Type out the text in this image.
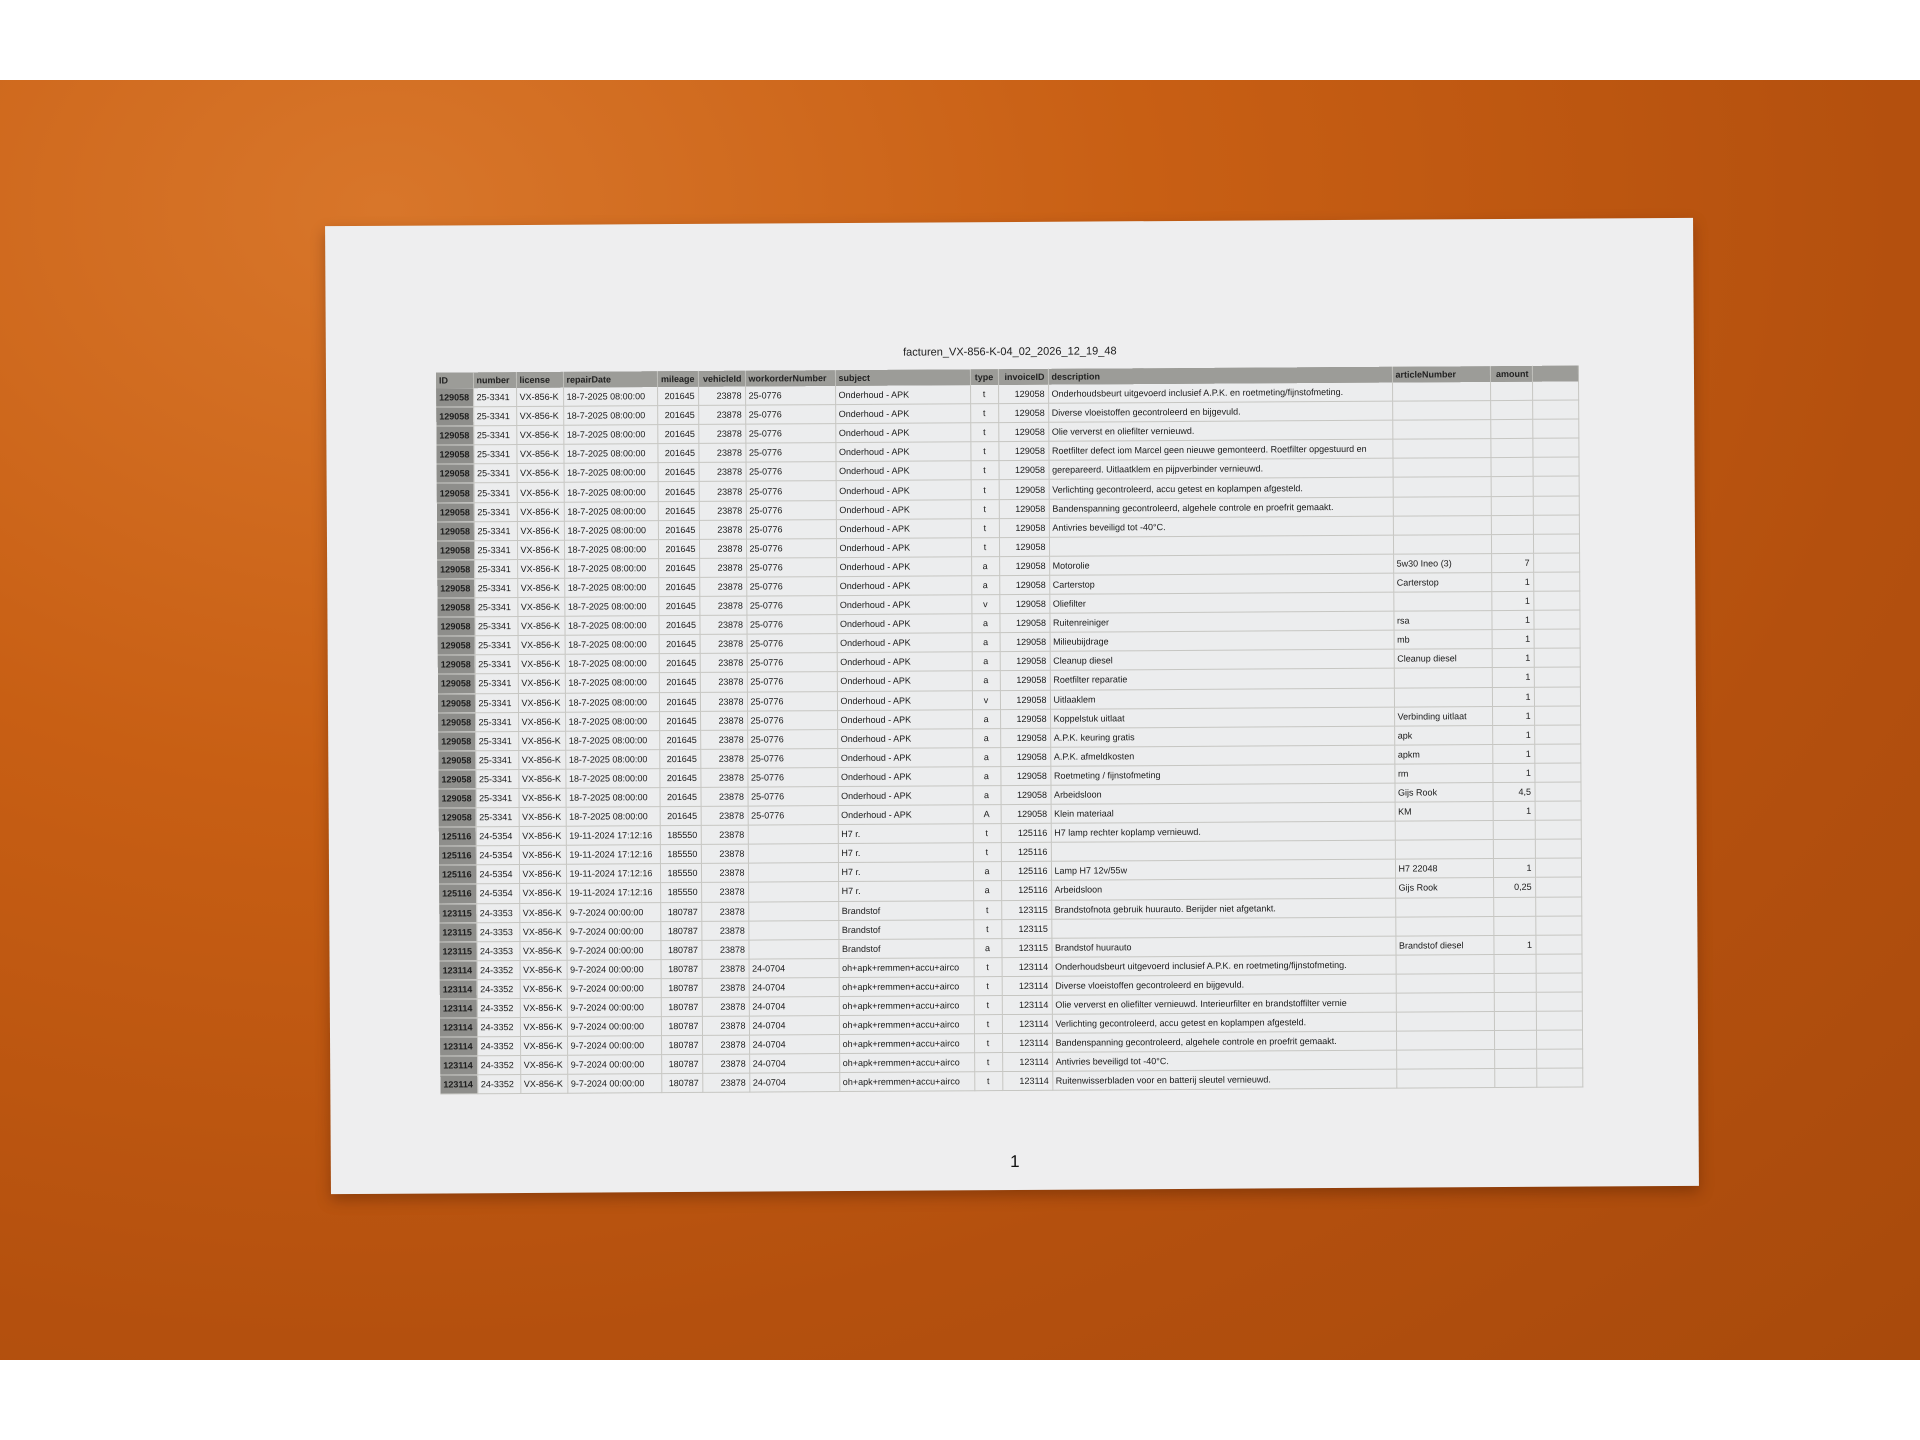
facturen_VX-856-K-04_02_2026_12_19_48
ID	number	license	repairDate	mileage	vehicleId	workorderNumber	subject	type	invoiceID	description	articleNumber	amount	
129058	25-3341	VX-856-K	18-7-2025 08:00:00	201645	23878	25-0776	Onderhoud - APK	t	129058	Onderhoudsbeurt uitgevoerd inclusief A.P.K. en roetmeting/fijnstofmeting.			
129058	25-3341	VX-856-K	18-7-2025 08:00:00	201645	23878	25-0776	Onderhoud - APK	t	129058	Diverse vloeistoffen gecontroleerd en bijgevuld.			
129058	25-3341	VX-856-K	18-7-2025 08:00:00	201645	23878	25-0776	Onderhoud - APK	t	129058	Olie ververst en oliefilter vernieuwd.			
129058	25-3341	VX-856-K	18-7-2025 08:00:00	201645	23878	25-0776	Onderhoud - APK	t	129058	Roetfilter defect iom Marcel geen nieuwe gemonteerd. Roetfilter opgestuurd en			
129058	25-3341	VX-856-K	18-7-2025 08:00:00	201645	23878	25-0776	Onderhoud - APK	t	129058	gerepareerd. Uitlaatklem en pijpverbinder vernieuwd.			
129058	25-3341	VX-856-K	18-7-2025 08:00:00	201645	23878	25-0776	Onderhoud - APK	t	129058	Verlichting gecontroleerd, accu getest en koplampen afgesteld.			
129058	25-3341	VX-856-K	18-7-2025 08:00:00	201645	23878	25-0776	Onderhoud - APK	t	129058	Bandenspanning gecontroleerd, algehele controle en proefrit gemaakt.			
129058	25-3341	VX-856-K	18-7-2025 08:00:00	201645	23878	25-0776	Onderhoud - APK	t	129058	Antivries beveiligd tot -40°C.			
129058	25-3341	VX-856-K	18-7-2025 08:00:00	201645	23878	25-0776	Onderhoud - APK	t	129058				
129058	25-3341	VX-856-K	18-7-2025 08:00:00	201645	23878	25-0776	Onderhoud - APK	a	129058	Motorolie	5w30 Ineo (3)	7	
129058	25-3341	VX-856-K	18-7-2025 08:00:00	201645	23878	25-0776	Onderhoud - APK	a	129058	Carterstop	Carterstop	1	
129058	25-3341	VX-856-K	18-7-2025 08:00:00	201645	23878	25-0776	Onderhoud - APK	v	129058	Oliefilter		1	
129058	25-3341	VX-856-K	18-7-2025 08:00:00	201645	23878	25-0776	Onderhoud - APK	a	129058	Ruitenreiniger	rsa	1	
129058	25-3341	VX-856-K	18-7-2025 08:00:00	201645	23878	25-0776	Onderhoud - APK	a	129058	Milieubijdrage	mb	1	
129058	25-3341	VX-856-K	18-7-2025 08:00:00	201645	23878	25-0776	Onderhoud - APK	a	129058	Cleanup diesel	Cleanup diesel	1	
129058	25-3341	VX-856-K	18-7-2025 08:00:00	201645	23878	25-0776	Onderhoud - APK	a	129058	Roetfilter reparatie		1	
129058	25-3341	VX-856-K	18-7-2025 08:00:00	201645	23878	25-0776	Onderhoud - APK	v	129058	Uitlaaklem		1	
129058	25-3341	VX-856-K	18-7-2025 08:00:00	201645	23878	25-0776	Onderhoud - APK	a	129058	Koppelstuk uitlaat	Verbinding uitlaat	1	
129058	25-3341	VX-856-K	18-7-2025 08:00:00	201645	23878	25-0776	Onderhoud - APK	a	129058	A.P.K. keuring gratis	apk	1	
129058	25-3341	VX-856-K	18-7-2025 08:00:00	201645	23878	25-0776	Onderhoud - APK	a	129058	A.P.K. afmeldkosten	apkm	1	
129058	25-3341	VX-856-K	18-7-2025 08:00:00	201645	23878	25-0776	Onderhoud - APK	a	129058	Roetmeting / fijnstofmeting	rm	1	
129058	25-3341	VX-856-K	18-7-2025 08:00:00	201645	23878	25-0776	Onderhoud - APK	a	129058	Arbeidsloon	Gijs Rook	4,5	
129058	25-3341	VX-856-K	18-7-2025 08:00:00	201645	23878	25-0776	Onderhoud - APK	A	129058	Klein materiaal	KM	1	
125116	24-5354	VX-856-K	19-11-2024 17:12:16	185550	23878		H7 r.	t	125116	H7 lamp rechter koplamp vernieuwd.			
125116	24-5354	VX-856-K	19-11-2024 17:12:16	185550	23878		H7 r.	t	125116				
125116	24-5354	VX-856-K	19-11-2024 17:12:16	185550	23878		H7 r.	a	125116	Lamp H7 12v/55w	H7 22048	1	
125116	24-5354	VX-856-K	19-11-2024 17:12:16	185550	23878		H7 r.	a	125116	Arbeidsloon	Gijs Rook	0,25	
123115	24-3353	VX-856-K	9-7-2024 00:00:00	180787	23878		Brandstof	t	123115	Brandstofnota gebruik huurauto. Berijder niet afgetankt.			
123115	24-3353	VX-856-K	9-7-2024 00:00:00	180787	23878		Brandstof	t	123115				
123115	24-3353	VX-856-K	9-7-2024 00:00:00	180787	23878		Brandstof	a	123115	Brandstof huurauto	Brandstof diesel	1	
123114	24-3352	VX-856-K	9-7-2024 00:00:00	180787	23878	24-0704	oh+apk+remmen+accu+airco	t	123114	Onderhoudsbeurt uitgevoerd inclusief A.P.K. en roetmeting/fijnstofmeting.			
123114	24-3352	VX-856-K	9-7-2024 00:00:00	180787	23878	24-0704	oh+apk+remmen+accu+airco	t	123114	Diverse vloeistoffen gecontroleerd en bijgevuld.			
123114	24-3352	VX-856-K	9-7-2024 00:00:00	180787	23878	24-0704	oh+apk+remmen+accu+airco	t	123114	Olie ververst en oliefilter vernieuwd. Interieurfilter en brandstoffilter vernie			
123114	24-3352	VX-856-K	9-7-2024 00:00:00	180787	23878	24-0704	oh+apk+remmen+accu+airco	t	123114	Verlichting gecontroleerd, accu getest en koplampen afgesteld.			
123114	24-3352	VX-856-K	9-7-2024 00:00:00	180787	23878	24-0704	oh+apk+remmen+accu+airco	t	123114	Bandenspanning gecontroleerd, algehele controle en proefrit gemaakt.			
123114	24-3352	VX-856-K	9-7-2024 00:00:00	180787	23878	24-0704	oh+apk+remmen+accu+airco	t	123114	Antivries beveiligd tot -40°C.			
123114	24-3352	VX-856-K	9-7-2024 00:00:00	180787	23878	24-0704	oh+apk+remmen+accu+airco	t	123114	Ruitenwisserbladen voor en batterij sleutel vernieuwd.			
1
